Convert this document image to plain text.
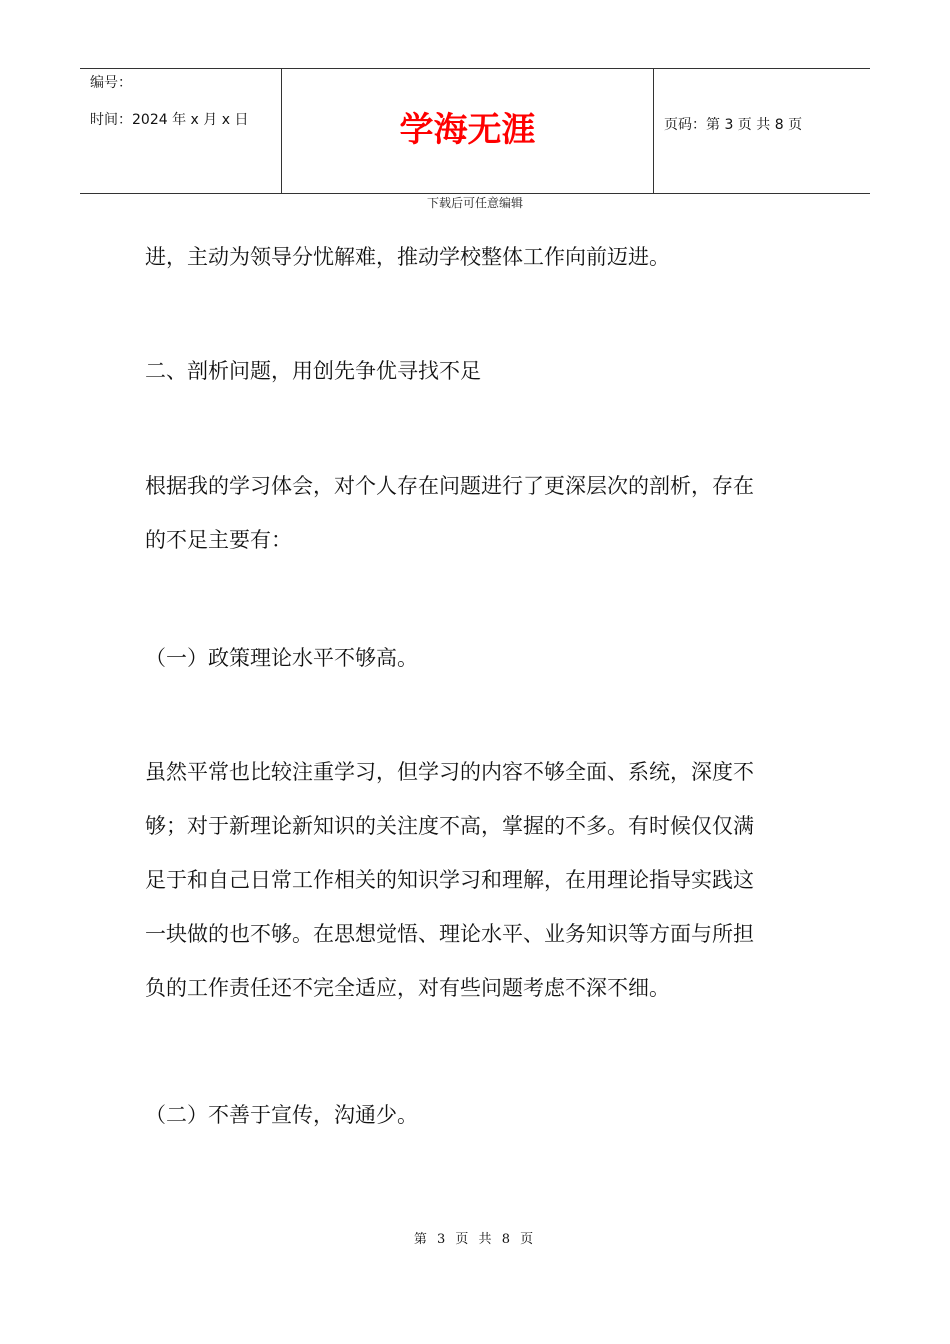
编号：
时间：2024 年 x 月 x 日	学海无涯	页码：第 3 页 共 8 页
下载后可任意编辑
进，主动为领导分忧解难，推动学校整体工作向前迈进。
二、剖析问题，用创先争优寻找不足

根据我的学习体会，对个人存在问题进行了更深层次的剖析，存在

的不足主要有：

（一）政策理论水平不够高。

虽然平常也比较注重学习，但学习的内容不够全面、系统，深度不

够；对于新理论新知识的关注度不高，掌握的不多。有时候仅仅满

足于和自己日常工作相关的知识学习和理解，在用理论指导实践这

一块做的也不够。在思想觉悟、理论水平、业务知识等方面与所担

负的工作责任还不完全适应，对有些问题考虑不深不细。

（二）不善于宣传，沟通少。
第 3 页 共 8 页
